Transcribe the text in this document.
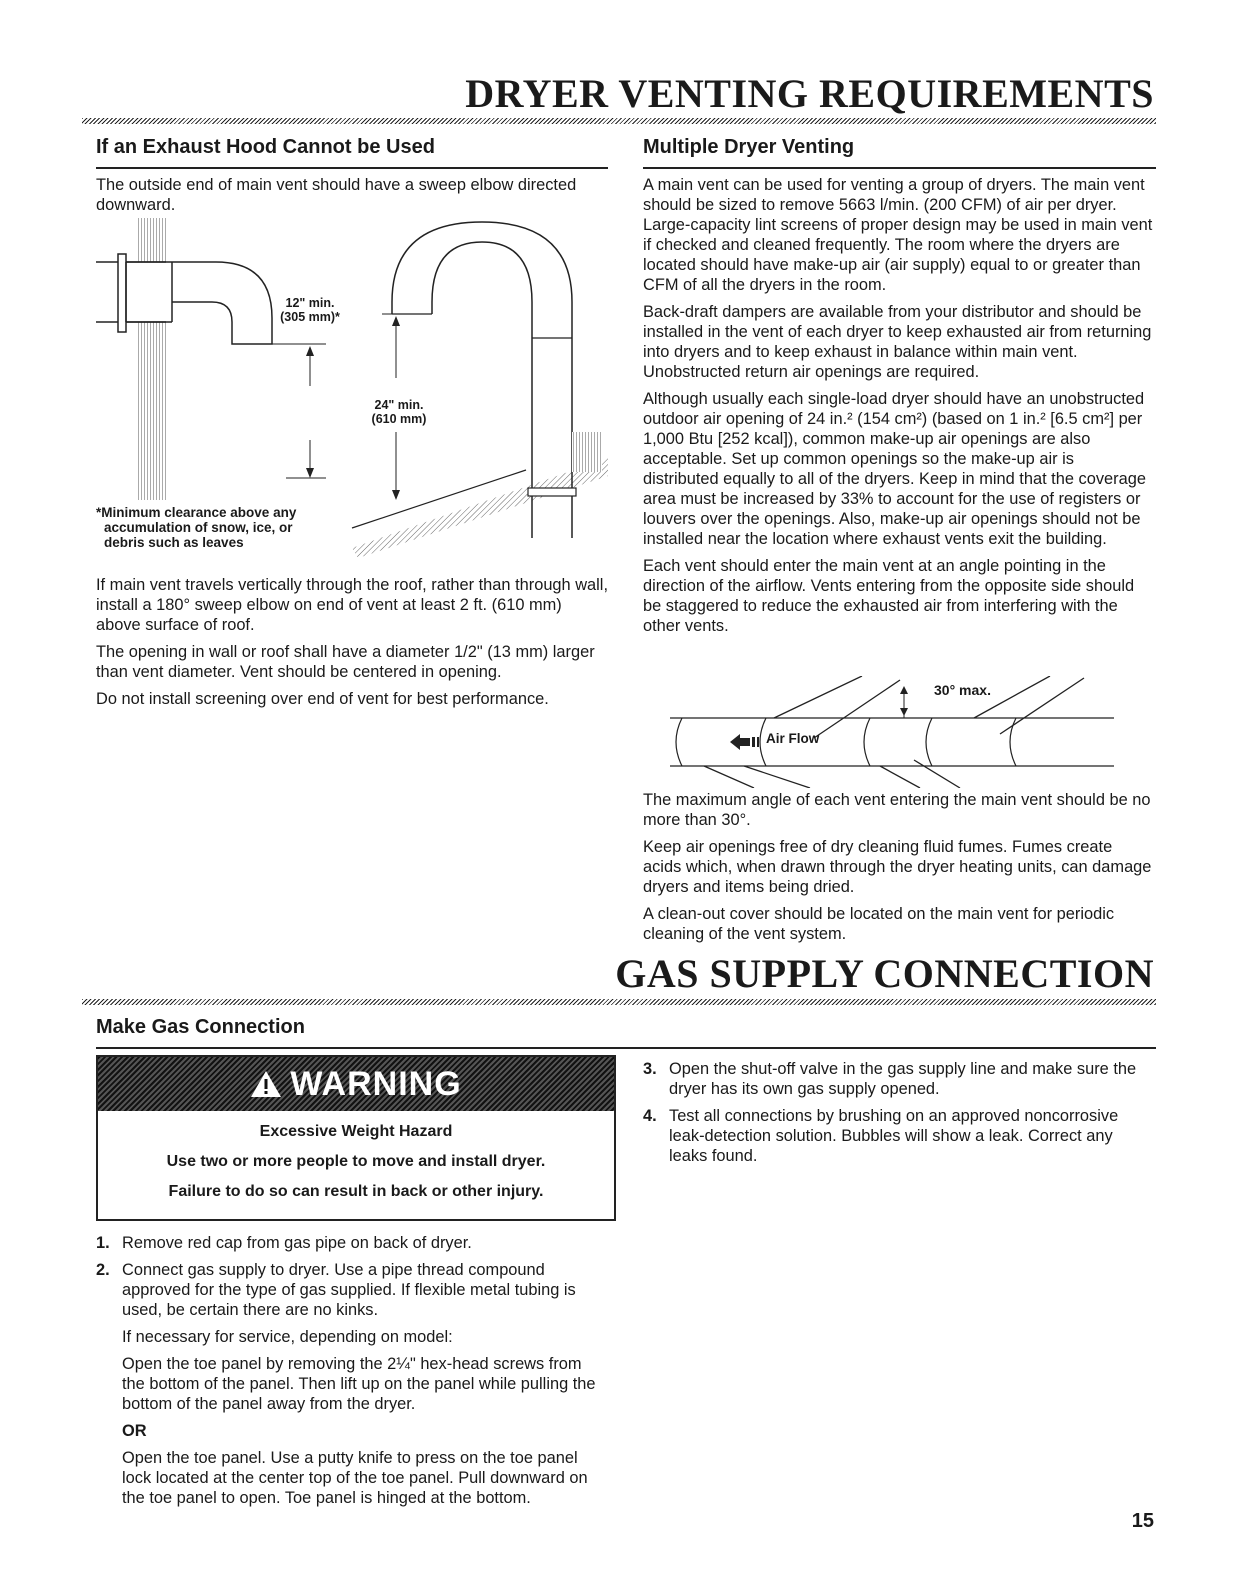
DRYER VENTING REQUIREMENTS
If an Exhaust Hood Cannot be Used
The outside end of main vent should have a sweep elbow directed downward.
12" min.
(305 mm)*
24" min.
(610 mm)
*Minimum clearance above any
accumulation of snow, ice, or
debris such as leaves

If main vent travels vertically through the roof, rather than through wall, install a 180° sweep elbow on end of vent at least 2 ft. (610 mm) above surface of roof.

The opening in wall or roof shall have a diameter 1/2" (13 mm) larger than vent diameter. Vent should be centered in opening.

Do not install screening over end of vent for best performance.

Multiple Dryer Venting

A main vent can be used for venting a group of dryers. The main vent should be sized to remove 5663 l/min. (200 CFM) of air per dryer. Large-capacity lint screens of proper design may be used in main vent if checked and cleaned frequently. The room where the dryers are located should have make-up air (air supply) equal to or greater than CFM of all the dryers in the room.

Back-draft dampers are available from your distributor and should be installed in the vent of each dryer to keep exhausted air from returning into dryers and to keep exhaust in balance within main vent. Unobstructed return air openings are required.

Although usually each single-load dryer should have an unobstructed outdoor air opening of 24 in.² (154 cm²) (based on 1 in.² [6.5 cm²] per 1,000 Btu [252 kcal]), common make-up air openings are also acceptable. Set up common openings so the make-up air is distributed equally to all of the dryers. Keep in mind that the coverage area must be increased by 33% to account for the use of registers or louvers over the openings. Also, make-up air openings should not be installed near the location where exhaust vents exit the building.

Each vent should enter the main vent at an angle pointing in the direction of the airflow. Vents entering from the opposite side should be staggered to reduce the exhausted air from interfering with the other vents.

30° max.
Air Flow

The maximum angle of each vent entering the main vent should be no more than 30°.

Keep air openings free of dry cleaning fluid fumes. Fumes create acids which, when drawn through the dryer heating units, can damage dryers and items being dried.

A clean-out cover should be located on the main vent for periodic cleaning of the vent system.

GAS SUPPLY CONNECTION
Make Gas Connection
WARNING
Excessive Weight Hazard
Use two or more people to move and install dryer.
Failure to do so can result in back or other injury.
1. Remove red cap from gas pipe on back of dryer.
2. Connect gas supply to dryer. Use a pipe thread compound approved for the type of gas supplied. If flexible metal tubing is used, be certain there are no kinks.
If necessary for service, depending on model:
Open the toe panel by removing the 2¼" hex-head screws from the bottom of the panel. Then lift up on the panel while pulling the bottom of the panel away from the dryer.
OR
Open the toe panel. Use a putty knife to press on the toe panel lock located at the center top of the toe panel. Pull downward on the toe panel to open. Toe panel is hinged at the bottom.
3. Open the shut-off valve in the gas supply line and make sure the dryer has its own gas supply opened.
4. Test all connections by brushing on an approved noncorrosive leak-detection solution. Bubbles will show a leak. Correct any leaks found.
15
